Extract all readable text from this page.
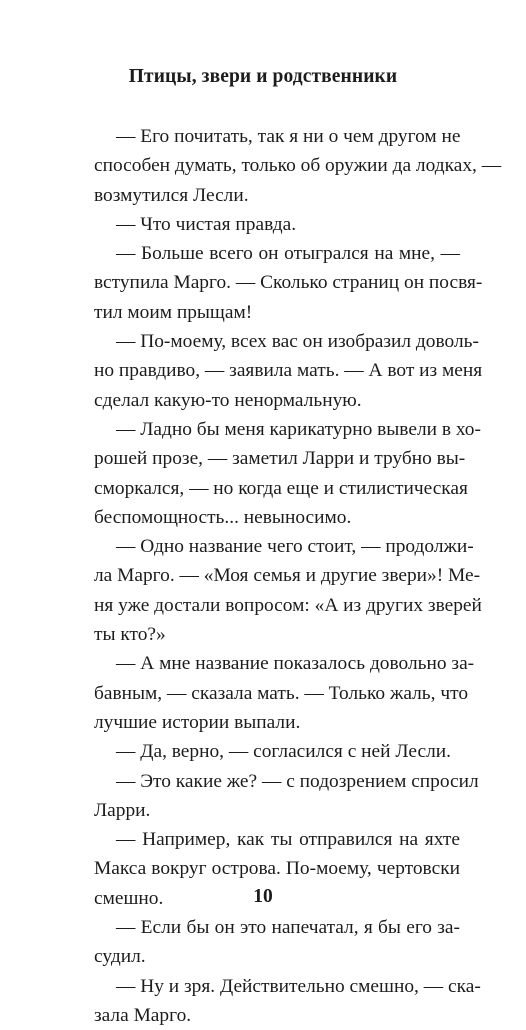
Птицы, звери и родственники
— Его почитать, так я ни о чем другом не
способен думать, только об оружии да лодках, —
возмутился Лесли.
— Что чистая правда.
— Больше всего он отыгрался на мне, —
вступила Марго. — Сколько страниц он посвя-
тил моим прыщам!
— По-моему, всех вас он изобразил доволь-
но правдиво, — заявила мать. — А вот из меня
сделал какую-то ненормальную.
— Ладно бы меня карикатурно вывели в хо-
рошей прозе, — заметил Ларри и трубно вы-
сморкался, — но когда еще и стилистическая
беспомощность... невыносимо.
— Одно название чего стоит, — продолжи-
ла Марго. — «Моя семья и другие звери»! Ме-
ня уже достали вопросом: «А из других зверей
ты кто?»
— А мне название показалось довольно за-
бавным, — сказала мать. — Только жаль, что
лучшие истории выпали.
— Да, верно, — согласился с ней Лесли.
— Это какие же? — с подозрением спросил
Ларри.
— Например, как ты отправился на яхте
Макса вокруг острова. По-моему, чертовски
смешно.
— Если бы он это напечатал, я бы его за-
судил.
— Ну и зря. Действительно смешно, — ска-
зала Марго.
10
